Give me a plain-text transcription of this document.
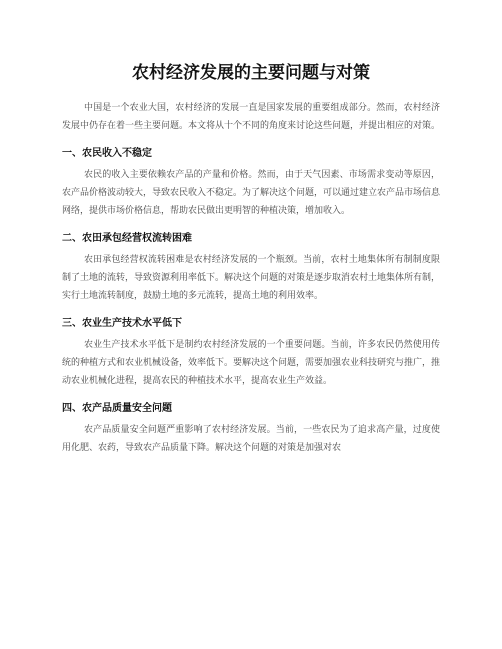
农村经济发展的主要问题与对策

中国是一个农业大国，农村经济的发展一直是国家发展的重要组成部分。然而，农村经济发展中仍存在着一些主要问题。本文将从十个不同的角度来讨论这些问题，并提出相应的对策。

一、农民收入不稳定

农民的收入主要依赖农产品的产量和价格。然而，由于天气因素、市场需求变动等原因，农产品价格波动较大，导致农民收入不稳定。为了解决这个问题，可以通过建立农产品市场信息网络，提供市场价格信息，帮助农民做出更明智的种植决策，增加收入。

二、农田承包经营权流转困难

农田承包经营权流转困难是农村经济发展的一个瓶颈。当前，农村土地集体所有制制度限制了土地的流转，导致资源利用率低下。解决这个问题的对策是逐步取消农村土地集体所有制，实行土地流转制度，鼓励土地的多元流转，提高土地的利用效率。

三、农业生产技术水平低下

农业生产技术水平低下是制约农村经济发展的一个重要问题。当前，许多农民仍然使用传统的种植方式和农业机械设备，效率低下。要解决这个问题，需要加强农业科技研究与推广，推动农业机械化进程，提高农民的种植技术水平，提高农业生产效益。

四、农产品质量安全问题

农产品质量安全问题严重影响了农村经济发展。当前，一些农民为了追求高产量，过度使用化肥、农药，导致农产品质量下降。解决这个问题的对策是加强对农
